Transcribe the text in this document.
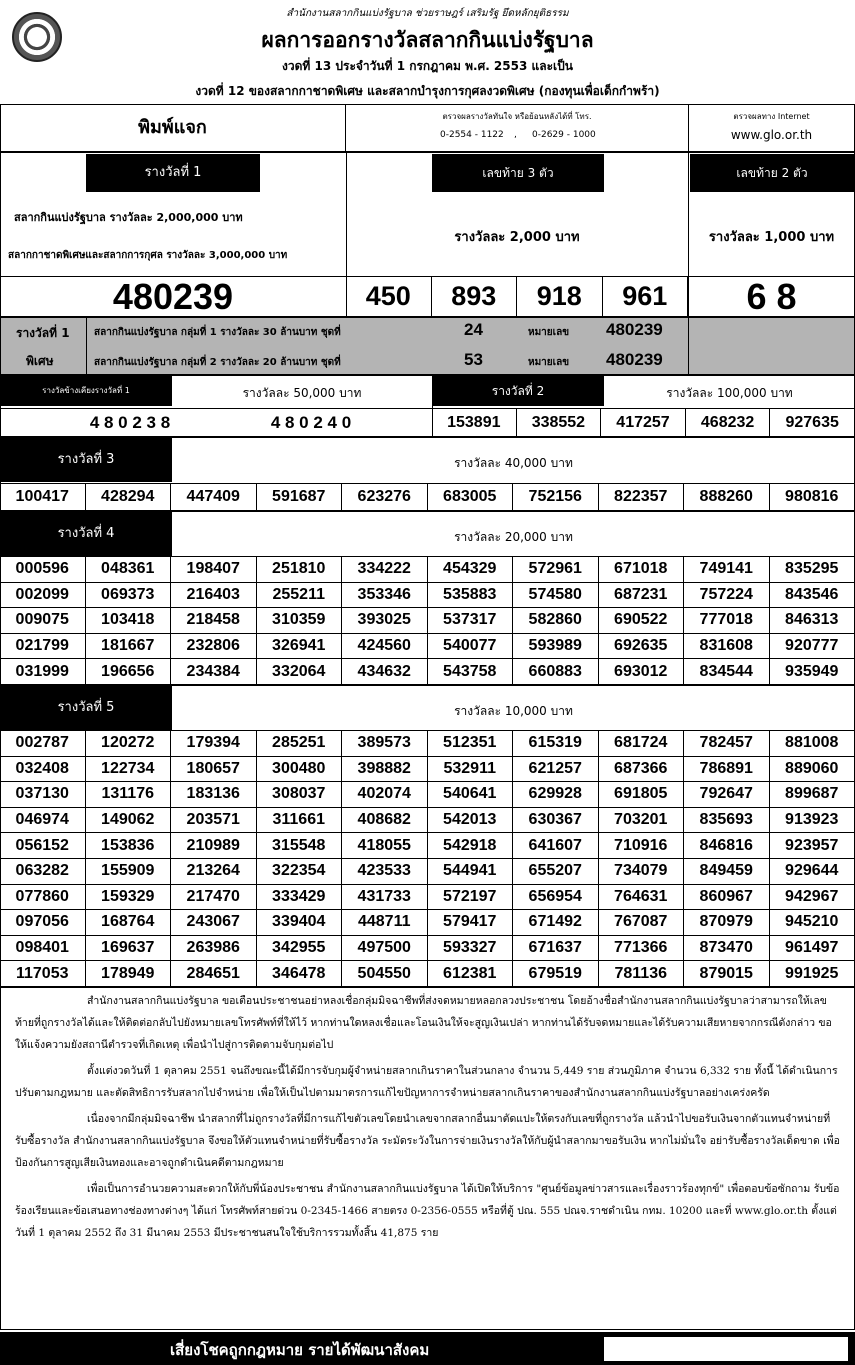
สำนักงานสลากกินแบ่งรัฐบาล ช่วยราษฎร์ เสริมรัฐ ยึดหลักยุติธรรม
ผลการออกรางวัลสลากกินแบ่งรัฐบาล
งวดที่ 13 ประจำวันที่ 1 กรกฎาคม พ.ศ. 2553 และเป็น
งวดที่ 12 ของสลากกาชาดพิเศษ และสลากบำรุงการกุศลงวดพิเศษ (กองทุนเพื่อเด็กกำพร้า)
พิมพ์แจก
ตรวจผลรางวัลทันใจ หรือย้อนหลังได้ที่ โทร.
0-2554 - 1122 , 0-2629 - 1000
ตรวจผลทาง Internet
www.glo.or.th
รางวัลที่ 1
สลากกินแบ่งรัฐบาล รางวัลละ 2,000,000 บาท
สลากกาชาดพิเศษและสลากการกุศล รางวัลละ 3,000,000 บาท
480239
เลขท้าย 3 ตัว
รางวัลละ 2,000 บาท
450	893	918	961
เลขท้าย 2 ตัว
รางวัลละ 1,000 บาท
6 8
รางวัลที่ 1
พิเศษ
สลากกินแบ่งรัฐบาล กลุ่มที่ 1 รางวัลละ 30 ล้านบาท ชุดที่	24	หมายเลข 480239
สลากกินแบ่งรัฐบาล กลุ่มที่ 2 รางวัลละ 20 ล้านบาท ชุดที่	53	หมายเลข 480239
รางวัลข้างเคียงรางวัลที่ 1	รางวัลละ 50,000 บาท	รางวัลที่ 2	รางวัลละ 100,000 บาท
4 8 0 2 3 8	4 8 0 2 4 0	153891	338552	417257	468232	927635
รางวัลที่ 3	รางวัลละ 40,000 บาท
100417	428294	447409	591687	623276	683005	752156	822357	888260	980816
รางวัลที่ 4	รางวัลละ 20,000 บาท
000596	048361	198407	251810	334222	454329	572961	671018	749141	835295
002099	069373	216403	255211	353346	535883	574580	687231	757224	843546
009075	103418	218458	310359	393025	537317	582860	690522	777018	846313
021799	181667	232806	326941	424560	540077	593989	692635	831608	920777
031999	196656	234384	332064	434632	543758	660883	693012	834544	935949
รางวัลที่ 5	รางวัลละ 10,000 บาท
002787	120272	179394	285251	389573	512351	615319	681724	782457	881008
032408	122734	180657	300480	398882	532911	621257	687366	786891	889060
037130	131176	183136	308037	402074	540641	629928	691805	792647	899687
046974	149062	203571	311661	408682	542013	630367	703201	835693	913923
056152	153836	210989	315548	418055	542918	641607	710916	846816	923957
063282	155909	213264	322354	423533	544941	655207	734079	849459	929644
077860	159329	217470	333429	431733	572197	656954	764631	860967	942967
097056	168764	243067	339404	448711	579417	671492	767087	870979	945210
098401	169637	263986	342955	497500	593327	671637	771366	873470	961497
117053	178949	284651	346478	504550	612381	679519	781136	879015	991925

สำนักงานสลากกินแบ่งรัฐบาล ขอเตือนประชาชนอย่าหลงเชื่อกลุ่มมิจฉาชีพที่ส่งจดหมายหลอกลวงประชาชน โดยอ้างชื่อสำนักงานสลากกินแบ่งรัฐบาลว่าสามารถให้เลขท้ายที่ถูกรางวัลได้และให้ติดต่อกลับไปยังหมายเลขโทรศัพท์ที่ให้ไว้ หากท่านใดหลงเชื่อและโอนเงินให้จะสูญเงินเปล่า หากท่านได้รับจดหมายและได้รับความเสียหายจากกรณีดังกล่าว ขอให้แจ้งความยังสถานีตำรวจที่เกิดเหตุ เพื่อนำไปสู่การติดตามจับกุมต่อไป

ตั้งแต่งวดวันที่ 1 ตุลาคม 2551 จนถึงขณะนี้ได้มีการจับกุมผู้จำหน่ายสลากเกินราคาในส่วนกลาง จำนวน 5,449 ราย ส่วนภูมิภาค จำนวน 6,332 ราย ทั้งนี้ ได้ดำเนินการปรับตามกฎหมาย และตัดสิทธิการรับสลากไปจำหน่าย เพื่อให้เป็นไปตามมาตรการแก้ไขปัญหาการจำหน่ายสลากเกินราคาของสำนักงานสลากกินแบ่งรัฐบาลอย่างเคร่งครัด

เนื่องจากมีกลุ่มมิจฉาชีพ นำสลากที่ไม่ถูกรางวัลที่มีการแก้ไขตัวเลขโดยนำเลขจากสลากอื่นมาตัดแปะให้ตรงกับเลขที่ถูกรางวัล แล้วนำไปขอรับเงินจากตัวแทนจำหน่ายที่รับซื้อรางวัล สำนักงานสลากกินแบ่งรัฐบาล จึงขอให้ตัวแทนจำหน่ายที่รับซื้อรางวัล ระมัดระวังในการจ่ายเงินรางวัลให้กับผู้นำสลากมาขอรับเงิน หากไม่มั่นใจ อย่ารับซื้อรางวัลเด็ดขาด เพื่อป้องกันการสูญเสียเงินทองและอาจถูกดำเนินคดีตามกฎหมาย

เพื่อเป็นการอำนวยความสะดวกให้กับพี่น้องประชาชน สำนักงานสลากกินแบ่งรัฐบาล ได้เปิดให้บริการ "ศูนย์ข้อมูลข่าวสารและเรื่องราวร้องทุกข์" เพื่อตอบข้อซักถาม รับข้อร้องเรียนและข้อเสนอทางช่องทางต่างๆ ได้แก่ โทรศัพท์สายด่วน 0-2345-1466 สายตรง 0-2356-0555 หรือที่ตู้ ปณ. 555 ปณจ.ราชดำเนิน กทม. 10200 และที่ www.glo.or.th ตั้งแต่วันที่ 1 ตุลาคม 2552 ถึง 31 มีนาคม 2553 มีประชาชนสนใจใช้บริการรวมทั้งสิ้น 41,875 ราย

เสี่ยงโชคถูกกฎหมาย รายได้พัฒนาสังคม
